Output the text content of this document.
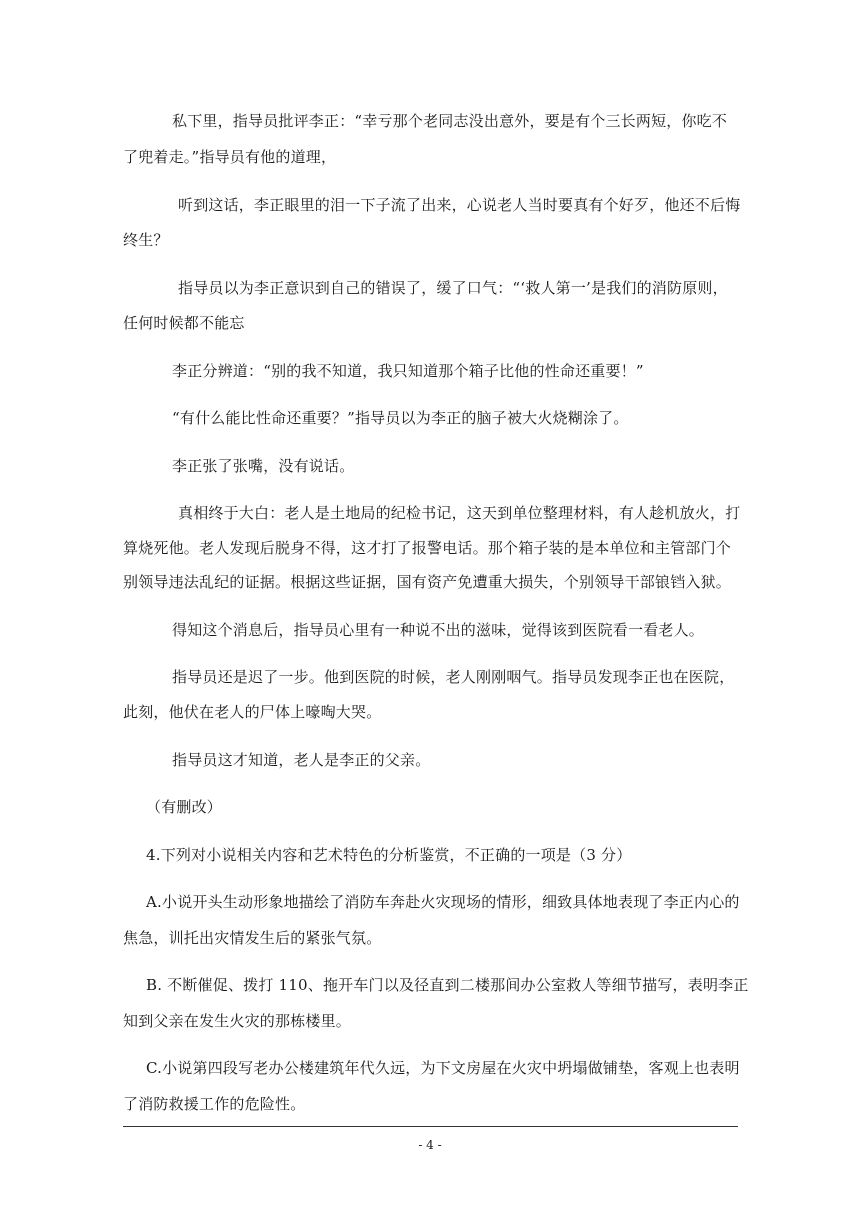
私下里，指导员批评李正：“幸亏那个老同志没出意外，要是有个三长两短，你吃不
了兜着走。”指导员有他的道理，
听到这话，李正眼里的泪一下子流了出来，心说老人当时要真有个好歹，他还不后悔
终生？
指导员以为李正意识到自己的错误了，缓了口气：“‘救人第一’是我们的消防原则，
任何时候都不能忘
李正分辨道：“别的我不知道，我只知道那个箱子比他的性命还重要！”
“有什么能比性命还重要？”指导员以为李正的脑子被大火烧糊涂了。
李正张了张嘴，没有说话。
真相终于大白：老人是土地局的纪检书记，这天到单位整理材料，有人趁机放火，打
算烧死他。老人发现后脱身不得，这才打了报警电话。那个箱子装的是本单位和主管部门个
别领导违法乱纪的证据。根据这些证据，国有资产免遭重大损失，个别领导干部锒铛入狱。
得知这个消息后，指导员心里有一种说不出的滋味，觉得该到医院看一看老人。
指导员还是迟了一步。他到医院的时候，老人刚刚咽气。指导员发现李正也在医院，
此刻，他伏在老人的尸体上嚎啕大哭。
指导员这才知道，老人是李正的父亲。
（有删改）
4.下列对小说相关内容和艺术特色的分析鉴赏，不正确的一项是（3 分）
A.小说开头生动形象地描绘了消防车奔赴火灾现场的情形，细致具体地表现了李正内心的
焦急，训托出灾情发生后的紧张气氛。
B. 不断催促、拨打 110、拖开车门以及径直到二楼那间办公室救人等细节描写，表明李正
知到父亲在发生火灾的那栋楼里。
C.小说第四段写老办公楼建筑年代久远，为下文房屋在火灾中坍塌做铺垫，客观上也表明
了消防救援工作的危险性。
- 4 -
